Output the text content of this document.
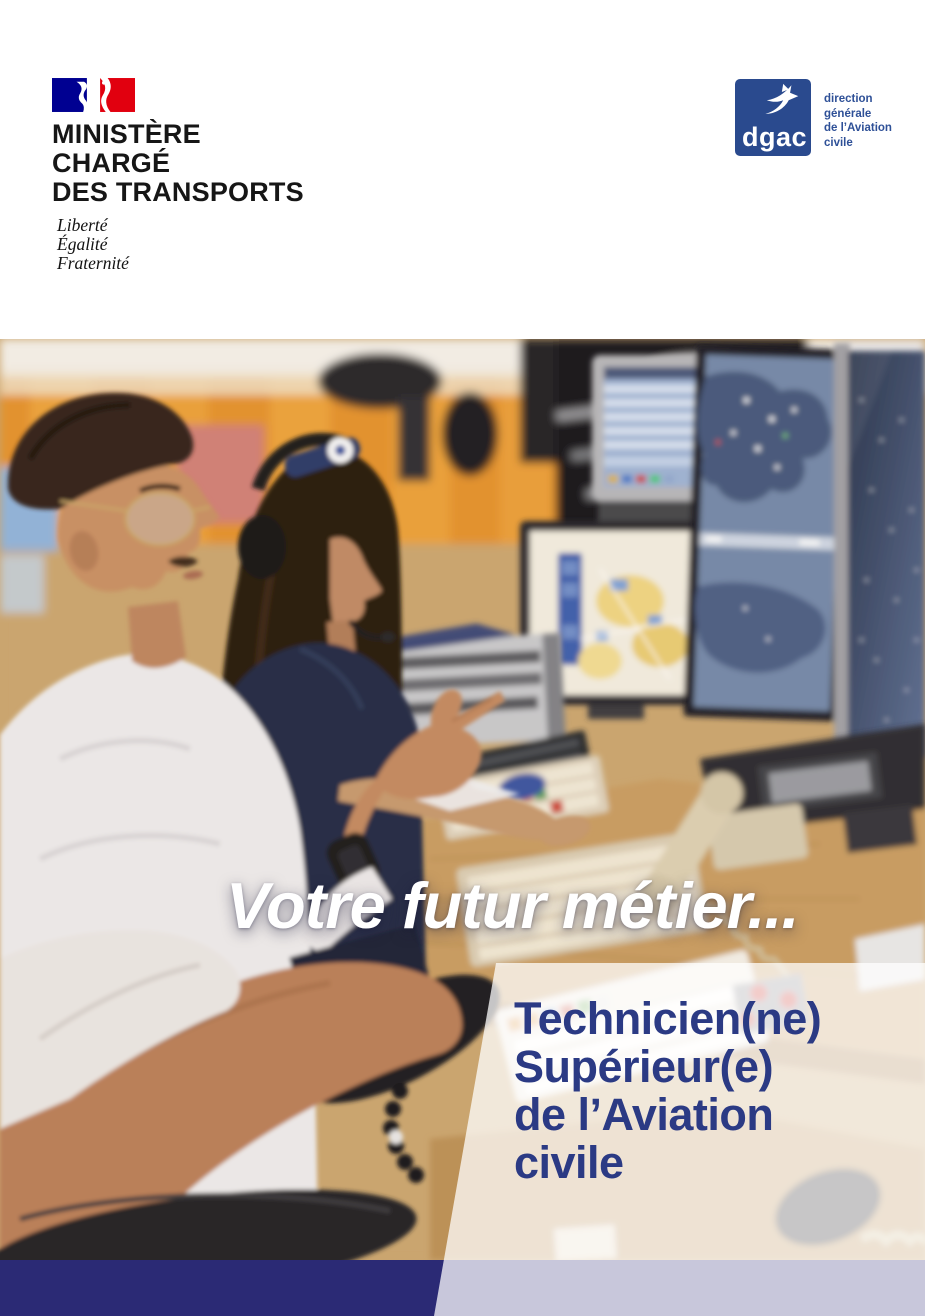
MINISTÈRE
CHARGÉ
DES TRANSPORTS
Liberté
Égalité
Fraternité
dgac
direction
générale
de l’Aviation
civile
Votre futur métier...
Technicien(ne)
Supérieur(e)
de l’Aviation
civile
